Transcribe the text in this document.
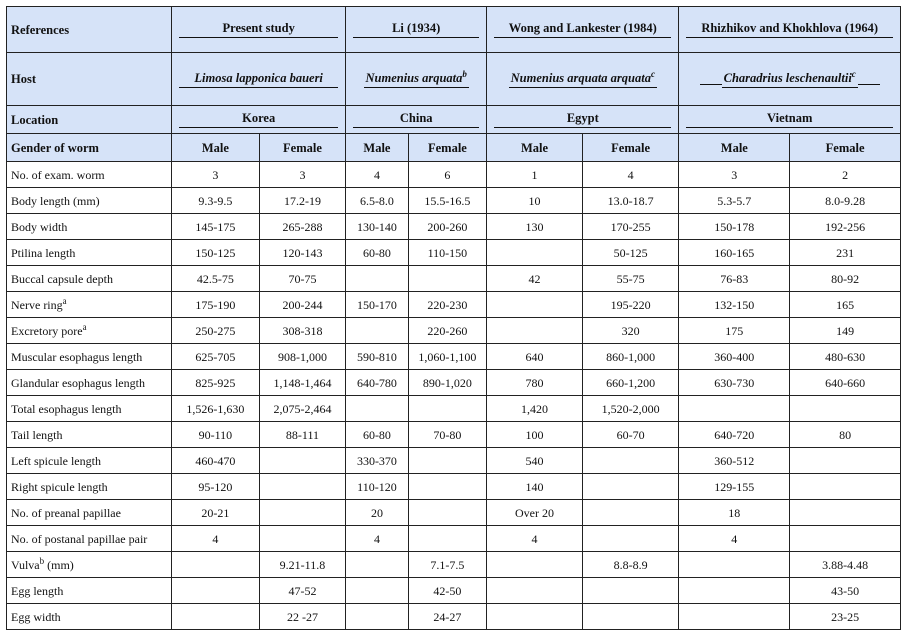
References	Present study		Li (1934)		Wong and Lankester (1984)		Rhizhikov and Khokhlova (1964)	

Host	Limosa lapponica baueri		Numenius arquata$^b$		Numenius arquata arquata$^c$		Charadrius leschenaultii$^c$
Location	Korea		China		Egypt		Vietnam	

Gender of worm	Male	Female	Male	Female	Male	Female	Male	Female
No. of exam. worm	3	3	4	6	1	4	3	2
Body length (mm)	9.3-9.5	17.2-19	6.5-8.0	15.5-16.5	10	13.0-18.7	5.3-5.7	8.0-9.28
Body width	145-175	265-288	130-140	200-260	130	170-255	150-178	192-256
Ptilina length	150-125	120-143	60-80	110-150		50-125	160-165	231
Buccal capsule depth	42.5-75	70-75			42	55-75	76-83	80-92
Nerve ring$^a$	175-190	200-244	150-170	220-230		195-220	132-150	165
Excretory pore$^a$	250-275	308-318		220-260		320	175	149
Muscular esophagus length	625-705	908-1,000	590-810	1,060-1,100	640	860-1,000	360-400	480-630
Glandular esophagus length	825-925	1,148-1,464	640-780	890-1,020	780	660-1,200	630-730	640-660
Total esophagus length	1,526-1,630	2,075-2,464			1,420	1,520-2,000		
Tail length	90-110	88-111	60-80	70-80	100	60-70	640-720	80
Left spicule length	460-470		330-370		540		360-512	
Right spicule length	95-120		110-120		140		129-155	
No. of preanal papillae	20-21		20		Over 20		18	
No. of postanal papillae pair	4		4		4		4	
Vulva$^b$ (mm)		9.21-11.8		7.1-7.5		8.8-8.9		3.88-4.48
Egg length		47-52		42-50				43-50
Egg width		22 -27		24-27				23-25
